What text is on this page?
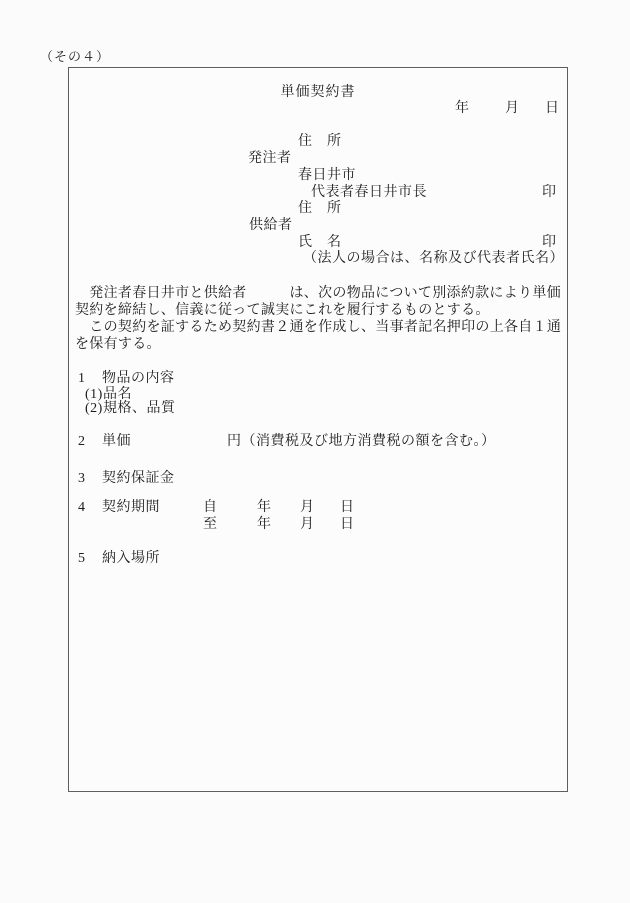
（その４）
単価契約書
年	月 日
住　所
発注者
春日井市
代表者春日井市長	印
住　所
供給者
氏　名	印
（法人の場合は、名称及び代表者氏名）
　発注者春日井市と供給者　　　は、次の物品について別添約款により単価
契約を締結し、信義に従って誠実にこれを履行するものとする。
　この契約を証するため契約書２通を作成し、当事者記名押印の上各自１通
を保有する。
1 物品の内容
(1) 品名
(2) 規格、品質
2 単価	円（消費税及び地方消費税の額を含む。）
3 契約保証金
4 契約期間	自	年 月 日
至	年 月 日
5 納入場所
